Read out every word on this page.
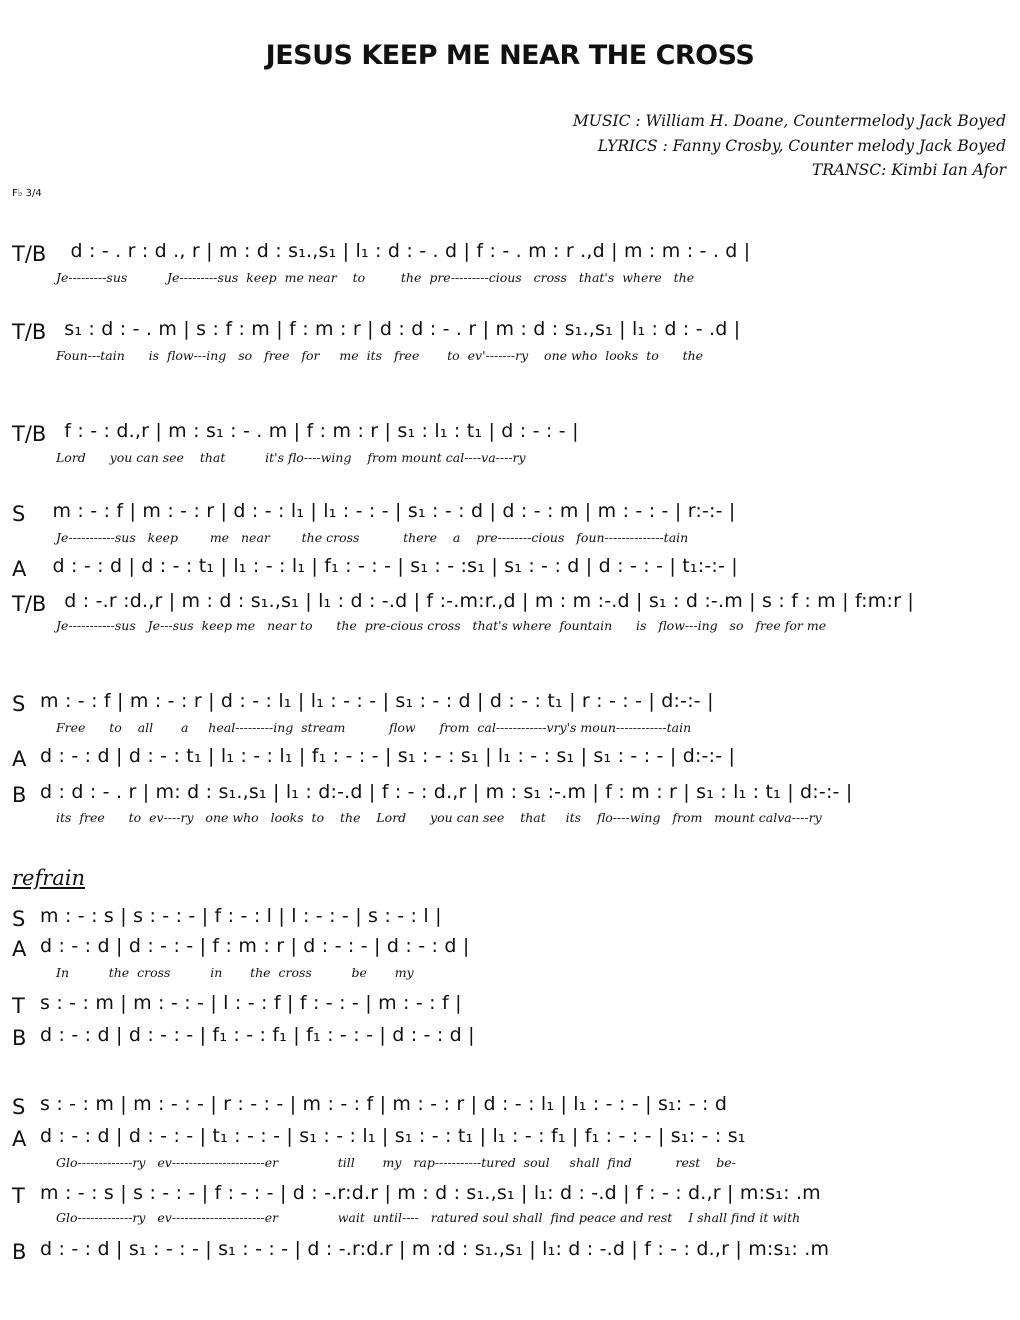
JESUS KEEP ME NEAR THE CROSS
MUSIC : William H. Doane, Countermelody Jack Boyed
LYRICS : Fanny Crosby, Counter melody Jack Boyed
TRANSC: Kimbi Ian Afor
F♭ 3/4
T/B d : - . r : d ., r | m : d : s₁.,s₁ | l₁ : d : - . d | f : - . m : r .,d | m : m : - . d |
Je---------sus          Je---------sus  keep  me near    to         the  pre---------cious   cross   that's  where   the
T/B s₁ : d : - . m | s : f : m | f : m : r | d : d : - . r | m : d : s₁.,s₁ | l₁ : d : - .d |
Foun---tain      is  flow---ing   so   free   for     me  its   free       to  ev'-------ry    one who  looks  to      the
T/B f : - : d.,r | m : s₁ : - . m | f : m : r | s₁ : l₁ : t₁ | d : - : - |
Lord      you can see    that          it's flo----wing    from mount cal----va----ry
S m : - : f | m : - : r | d : - : l₁ | l₁ : - : - | s₁ : - : d | d : - : m | m : - : - | r:-:- |
Je-----------sus   keep        me   near        the cross           there    a    pre--------cious   foun--------------tain
A d : - : d | d : - : t₁ | l₁ : - : l₁ | f₁ : - : - | s₁ : - :s₁ | s₁ : - : d | d : - : - | t₁:-:- |
T/B d : -.r :d.,r | m : d : s₁.,s₁ | l₁ : d : -.d | f :-.m:r.,d | m : m :-.d | s₁ : d :-.m | s : f : m | f:m:r |
Je-----------sus   Je---sus  keep me   near to      the  pre-cious cross   that's where  fountain      is   flow---ing   so   free for me
S m : - : f | m : - : r | d : - : l₁ | l₁ : - : - | s₁ : - : d | d : - : t₁ | r : - : - | d:-:- |
Free      to    all       a     heal---------ing  stream           flow      from  cal------------vry's moun------------tain
A d : - : d | d : - : t₁ | l₁ : - : l₁ | f₁ : - : - | s₁ : - : s₁ | l₁ : - : s₁ | s₁ : - : - | d:-:- |
B d : d : - . r | m: d : s₁.,s₁ | l₁ : d:-.d | f : - : d.,r | m : s₁ :-.m | f : m : r | s₁ : l₁ : t₁ | d:-:- |
its  free      to  ev----ry   one who   looks  to    the    Lord      you can see    that     its    flo----wing   from   mount calva----ry
S m : - : s | s : - : - | f : - : l | l : - : - | s : - : l |
A d : - : d | d : - : - | f : m : r | d : - : - | d : - : d |
In          the  cross          in       the  cross          be       my
T s : - : m | m : - : - | l : - : f | f : - : - | m : - : f |
B d : - : d | d : - : - | f₁ : - : f₁ | f₁ : - : - | d : - : d |
S s : - : m | m : - : - | r : - : - | m : - : f | m : - : r | d : - : l₁ | l₁ : - : - | s₁: - : d
A d : - : d | d : - : - | t₁ : - : - | s₁ : - : l₁ | s₁ : - : t₁ | l₁ : - : f₁ | f₁ : - : - | s₁: - : s₁
Glo-------------ry   ev----------------------er               till       my   rap-----------tured  soul     shall  find           rest    be-
T m : - : s | s : - : - | f : - : - | d : -.r:d.r | m : d : s₁.,s₁ | l₁: d : -.d | f : - : d.,r | m:s₁: .m
Glo-------------ry   ev----------------------er               wait  until----   ratured soul shall  find peace and rest    I shall find it with
B d : - : d | s₁ : - : - | s₁ : - : - | d : -.r:d.r | m :d : s₁.,s₁ | l₁: d : -.d | f : - : d.,r | m:s₁: .m
refrain
